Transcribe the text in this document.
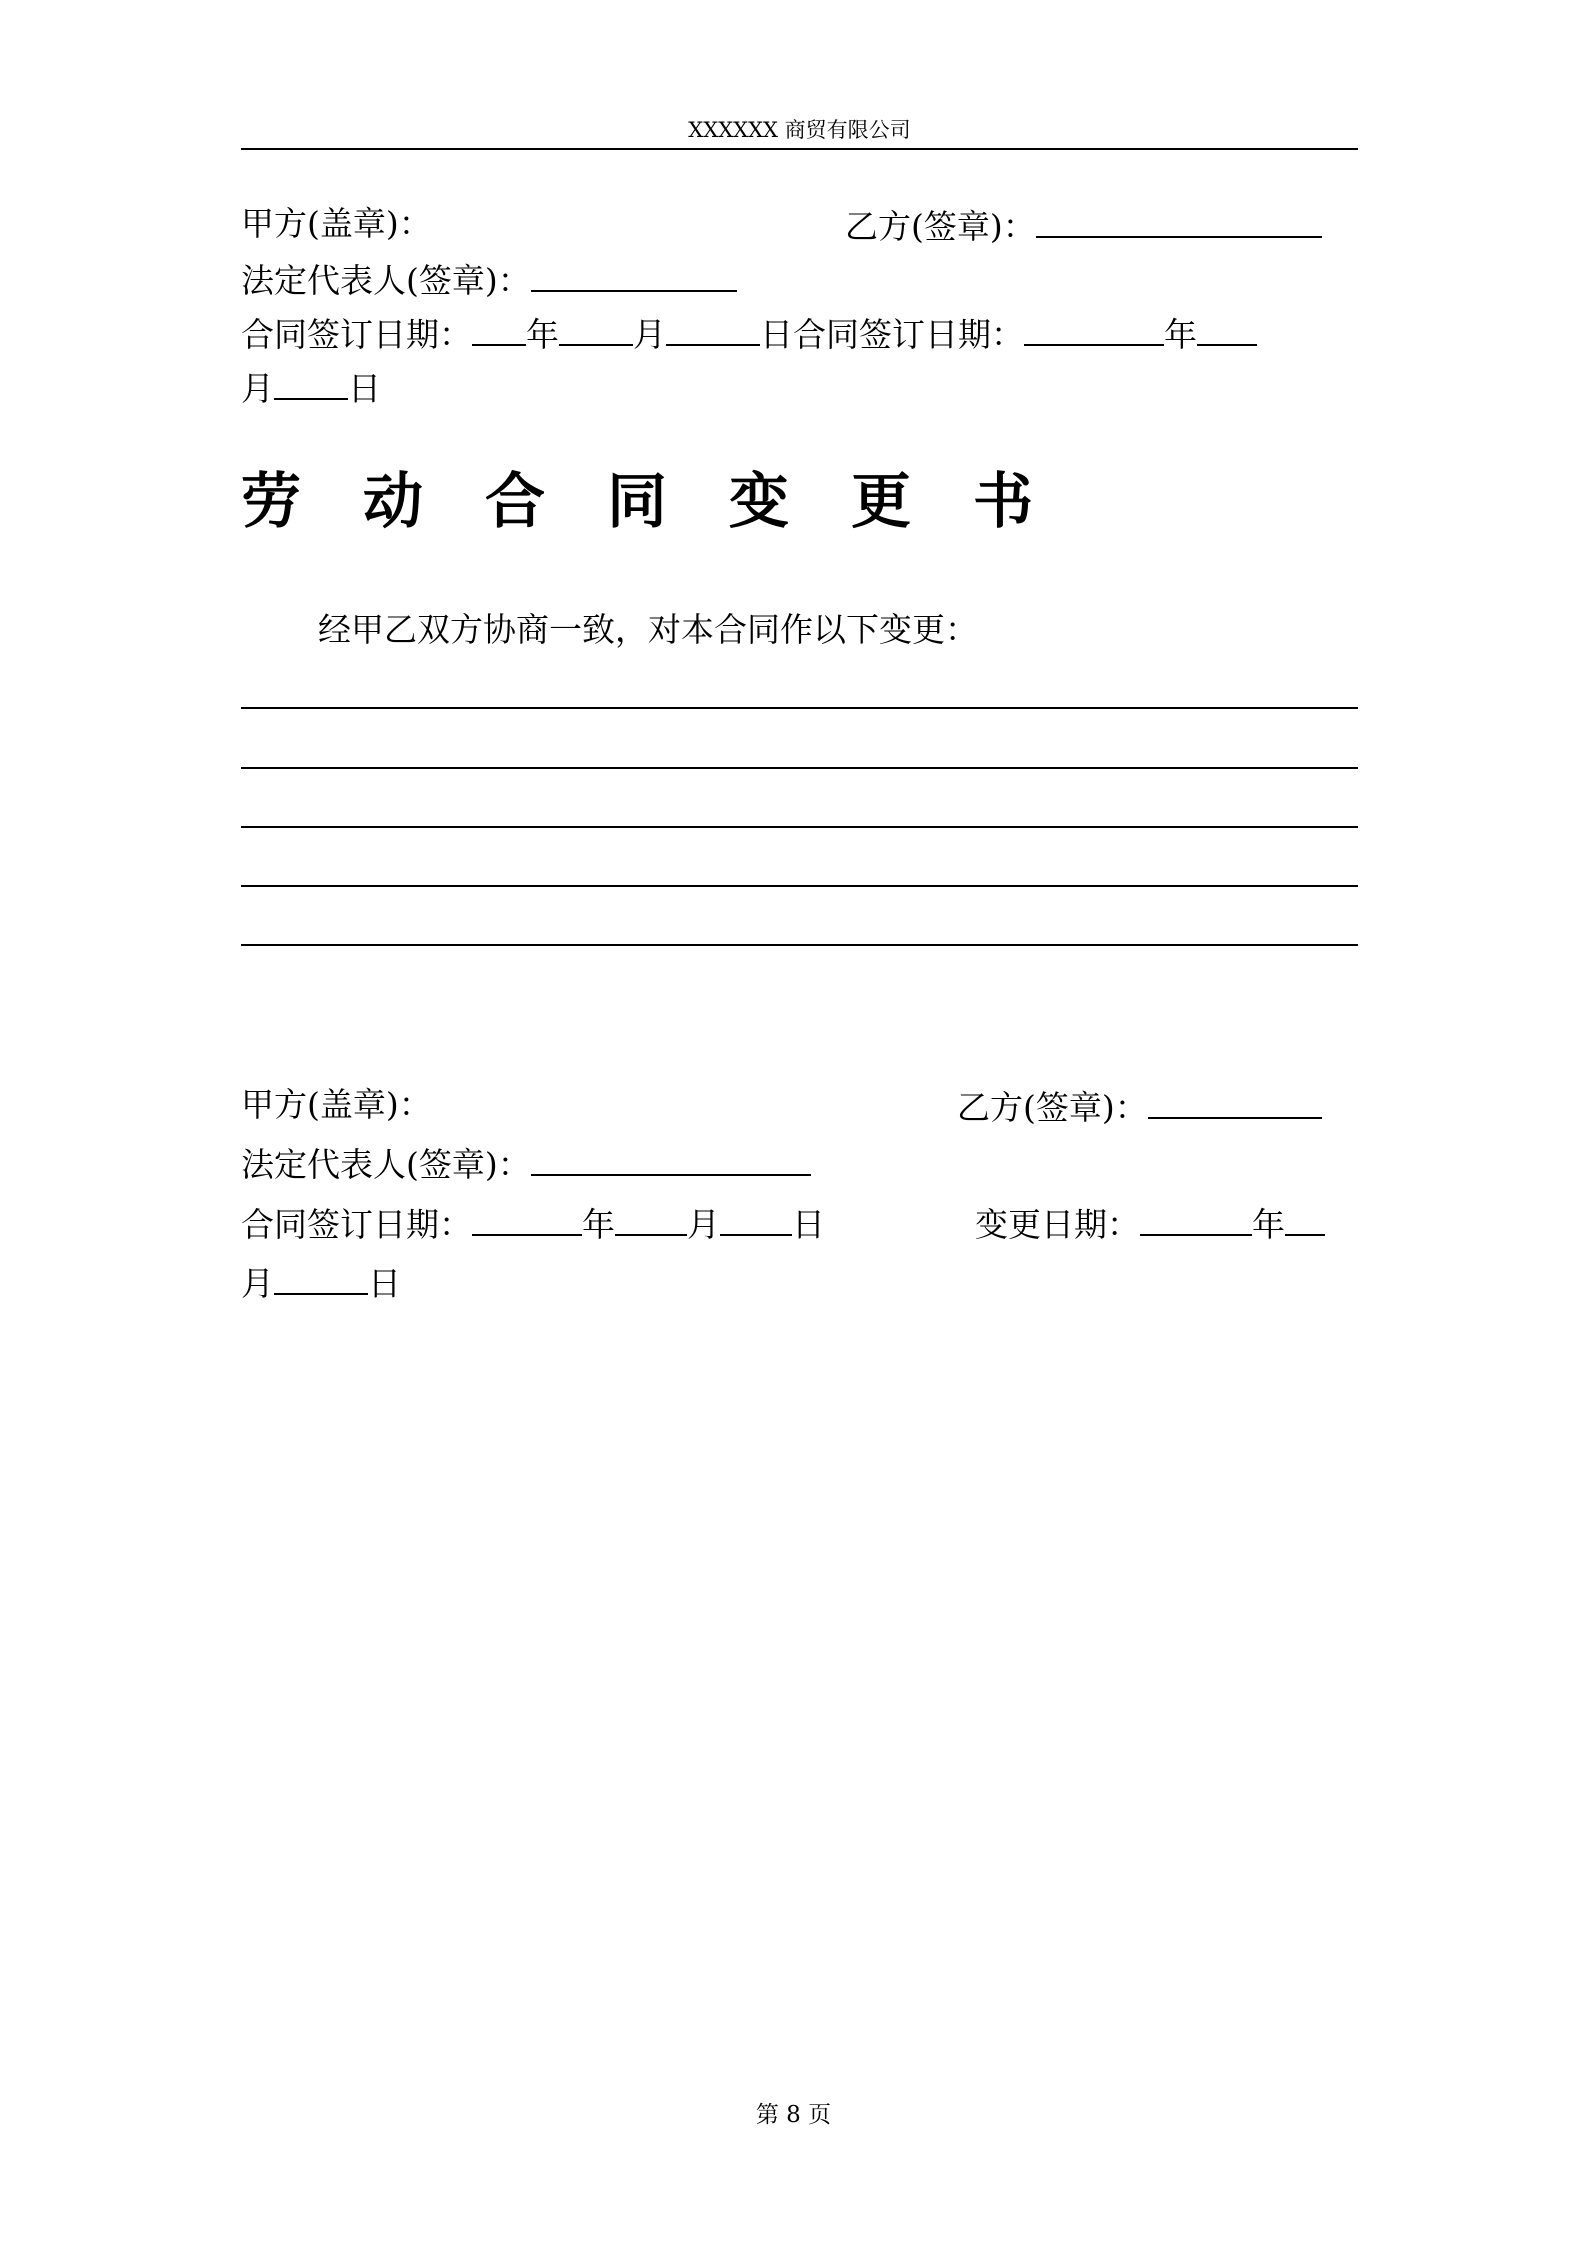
XXXXXX 商贸有限公司
甲方(盖章)：	乙方(签章)：
法定代表人(签章)：
合同签订日期： 年 月	日合同签订日期：	年
月 日
劳动合同变更书
经甲乙双方协商一致，对本合同作以下变更：
甲方(盖章)：	乙方(签章)：
法定代表人(签章)：
合同签订日期：	年 月 日	变更日期：	年
月	日
第 8 页
